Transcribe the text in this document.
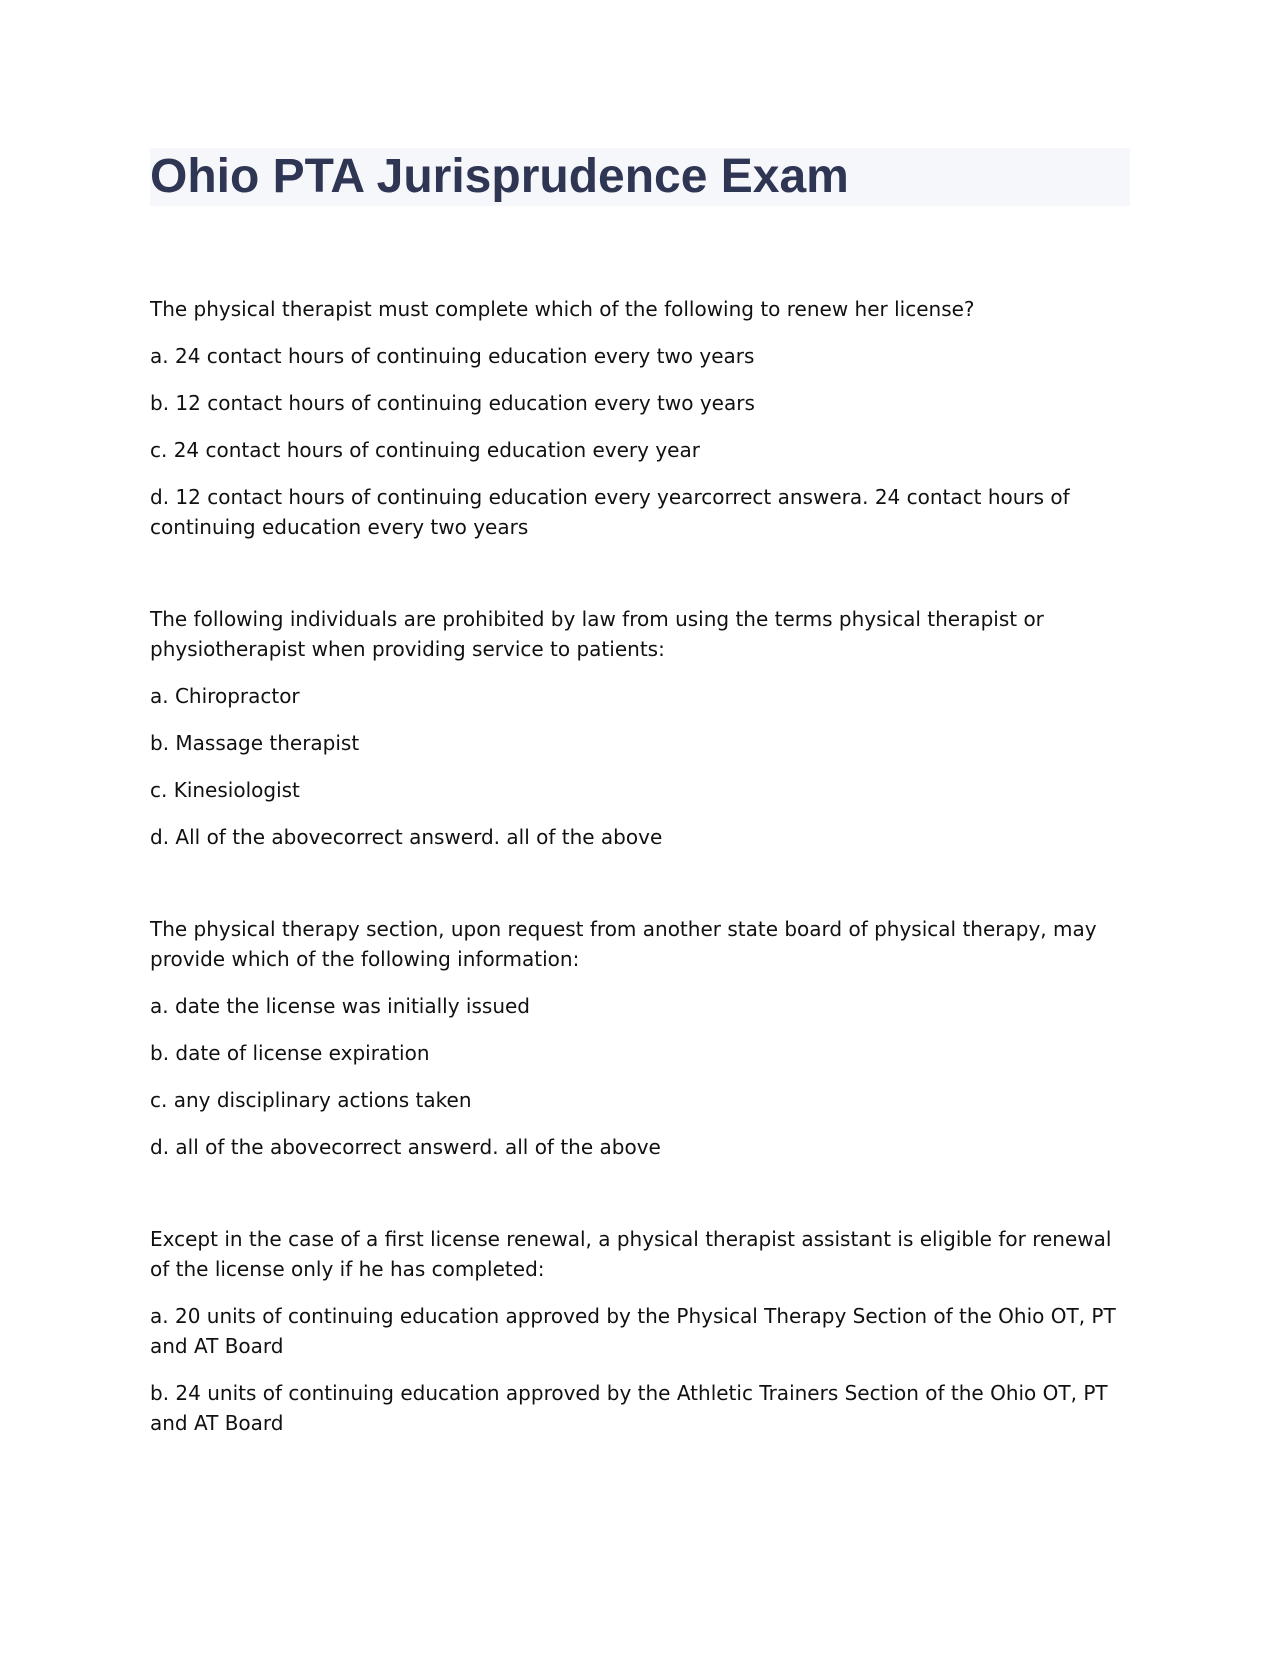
Ohio PTA Jurisprudence Exam

The physical therapist must complete which of the following to renew her license?

a. 24 contact hours of continuing education every two years

b. 12 contact hours of continuing education every two years

c. 24 contact hours of continuing education every year

d. 12 contact hours of continuing education every yearcorrect answera. 24 contact hours of continuing education every two years

The following individuals are prohibited by law from using the terms physical therapist or physiotherapist when providing service to patients:

a. Chiropractor

b. Massage therapist

c. Kinesiologist

d. All of the abovecorrect answerd. all of the above

The physical therapy section, upon request from another state board of physical therapy, may provide which of the following information:

a. date the license was initially issued

b. date of license expiration

c. any disciplinary actions taken

d. all of the abovecorrect answerd. all of the above

Except in the case of a first license renewal, a physical therapist assistant is eligible for renewal of the license only if he has completed:

a. 20 units of continuing education approved by the Physical Therapy Section of the Ohio OT, PT and AT Board

b. 24 units of continuing education approved by the Athletic Trainers Section of the Ohio OT, PT and AT Board
